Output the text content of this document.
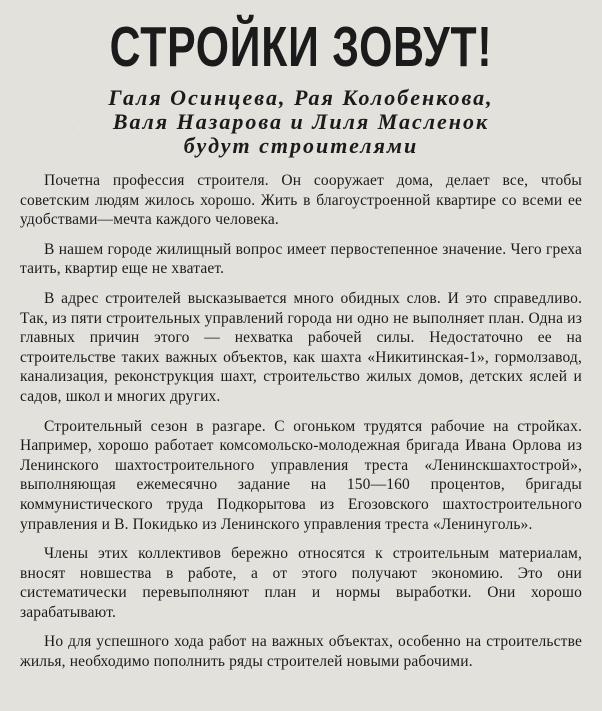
СТРОЙКИ ЗОВУТ!
Галя Осинцева, Рая Колобенкова,
Валя Назарова и Лиля Масленок
будут строителями

Почетна профессия строителя. Он сооружает дома, делает все, чтобы советским людям жилось хорошо. Жить в благоустроенной квартире со всеми ее удобствами—мечта каждого человека.

В нашем городе жилищный вопрос имеет первостепенное значение. Чего греха таить, квартир еще не хватает.

В адрес строителей высказывается много обидных слов. И это справедливо. Так, из пяти строительных управлений города ни одно не выполняет план. Одна из главных причин этого — нехватка рабочей силы. Недостаточно ее на строительстве таких важных объектов, как шахта «Никитинская-1», гормолзавод, канализация, реконструкция шахт, строительство жилых домов, детских яслей и садов, школ и многих других.

Строительный сезон в разгаре. С огоньком трудятся рабочие на стройках. Например, хорошо работает комсомольско-молодежная бригада Ивана Орлова из Ленинского шахтостроительного управления треста «Ленинскшахтострой», выполняющая ежемесячно задание на 150—160 процентов, бригады коммунистического труда Подкорытова из Егозовского шахтостроительного управления и В. Покидько из Ленинского управления треста «Ленинуголь».

Члены этих коллективов бережно относятся к строительным материалам, вносят новшества в работе, а от этого получают экономию. Это они систематически перевыполняют план и нормы выработки. Они хорошо зарабатывают.

Но для успешного хода работ на важных объектах, особенно на строительстве жилья, необходимо пополнить ряды строителей новыми рабочими.
